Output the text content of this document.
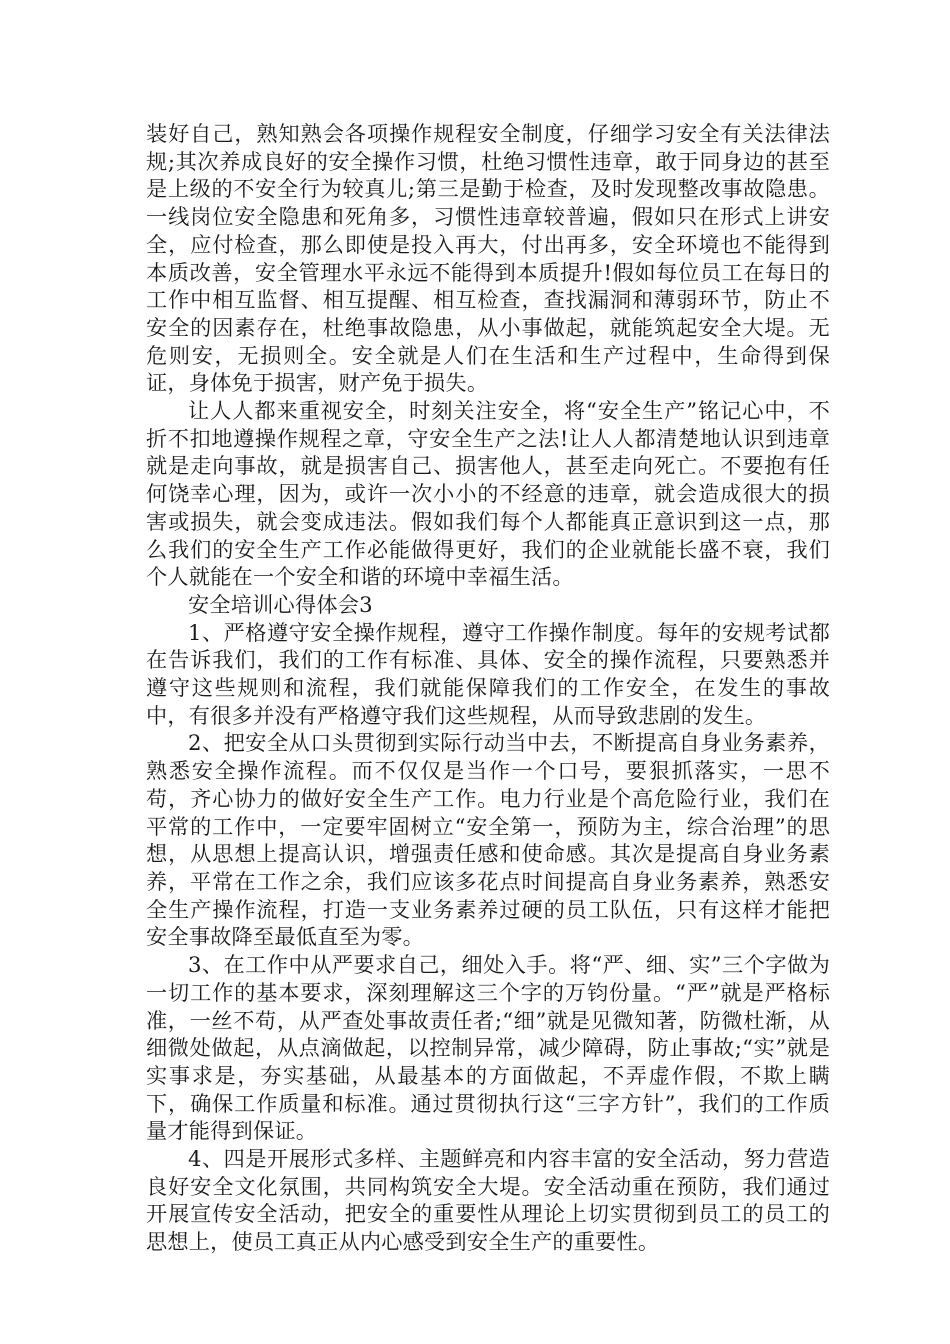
装好自己，熟知熟会各项操作规程安全制度，仔细学习安全有关法律法规;其次养成良好的安全操作习惯，杜绝习惯性违章，敢于同身边的甚至是上级的不安全行为较真儿;第三是勤于检查，及时发现整改事故隐患。一线岗位安全隐患和死角多，习惯性违章较普遍，假如只在形式上讲安全，应付检查，那么即使是投入再大，付出再多，安全环境也不能得到本质改善，安全管理水平永远不能得到本质提升!假如每位员工在每日的工作中相互监督、相互提醒、相互检查，查找漏洞和薄弱环节，防止不安全的因素存在，杜绝事故隐患，从小事做起，就能筑起安全大堤。无危则安，无损则全。安全就是人们在生活和生产过程中，生命得到保证，身体免于损害，财产免于损失。

让人人都来重视安全，时刻关注安全，将“安全生产”铭记心中，不折不扣地遵操作规程之章，守安全生产之法!让人人都清楚地认识到违章就是走向事故，就是损害自己、损害他人，甚至走向死亡。不要抱有任何饶幸心理，因为，或许一次小小的不经意的违章，就会造成很大的损害或损失，就会变成违法。假如我们每个人都能真正意识到这一点，那么我们的安全生产工作必能做得更好，我们的企业就能长盛不衰，我们个人就能在一个安全和谐的环境中幸福生活。

安全培训心得体会3

1、严格遵守安全操作规程，遵守工作操作制度。每年的安规考试都在告诉我们，我们的工作有标准、具体、安全的操作流程，只要熟悉并遵守这些规则和流程，我们就能保障我们的工作安全，在发生的事故中，有很多并没有严格遵守我们这些规程，从而导致悲剧的发生。

2、把安全从口头贯彻到实际行动当中去，不断提高自身业务素养，熟悉安全操作流程。而不仅仅是当作一个口号，要狠抓落实，一思不苟，齐心协力的做好安全生产工作。电力行业是个高危险行业，我们在平常的工作中，一定要牢固树立“安全第一，预防为主，综合治理”的思想，从思想上提高认识，增强责任感和使命感。其次是提高自身业务素养，平常在工作之余，我们应该多花点时间提高自身业务素养，熟悉安全生产操作流程，打造一支业务素养过硬的员工队伍，只有这样才能把安全事故降至最低直至为零。

3、在工作中从严要求自己，细处入手。将“严、细、实”三个字做为一切工作的基本要求，深刻理解这三个字的万钧份量。“严”就是严格标准，一丝不苟，从严查处事故责任者;“细”就是见微知著，防微杜渐，从细微处做起，从点滴做起，以控制异常，减少障碍，防止事故;“实”就是实事求是，夯实基础，从最基本的方面做起，不弄虚作假，不欺上瞒下，确保工作质量和标准。通过贯彻执行这“三字方针”，我们的工作质量才能得到保证。

4、四是开展形式多样、主题鲜亮和内容丰富的安全活动，努力营造良好安全文化氛围，共同构筑安全大堤。安全活动重在预防，我们通过开展宣传安全活动，把安全的重要性从理论上切实贯彻到员工的员工的思想上，使员工真正从内心感受到安全生产的重要性。
